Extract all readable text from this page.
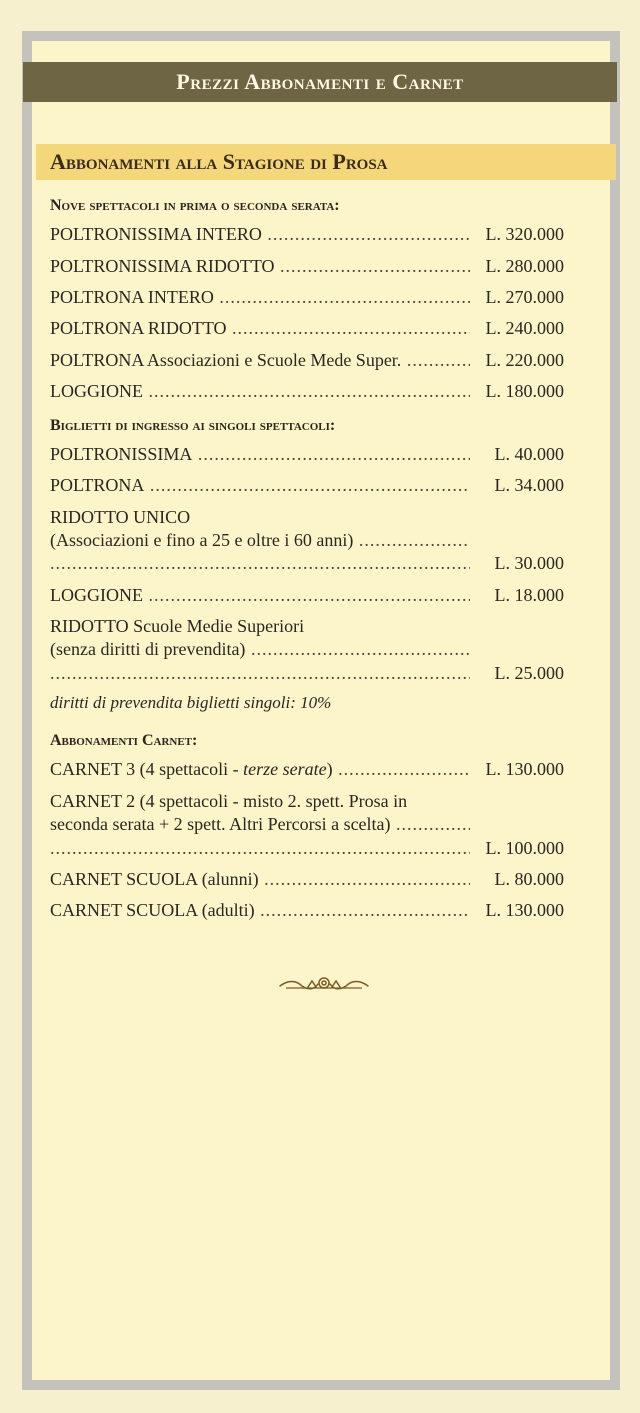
Prezzi Abbonamenti e Carnet
Abbonamenti alla Stagione di Prosa
Nove spettacoli in prima o seconda serata:
POLTRONISSIMA INTERO .....	L. 320.000
POLTRONISSIMA RIDOTTO .....	L. 280.000
POLTRONA INTERO .....	L. 270.000
POLTRONA RIDOTTO .....	L. 240.000
POLTRONA Associazioni e Scuole Mede Super. .....	L. 220.000
LOGGIONE .....	L. 180.000
Biglietti di ingresso ai singoli spettacoli:
POLTRONISSIMA .....	L. 40.000
POLTRONA .....	L. 34.000
RIDOTTO UNICO
(Associazioni e fino a 25 e oltre i 60 anni) .....
.....
L. 30.000
LOGGIONE .....	L. 18.000
RIDOTTO Scuole Medie Superiori
(senza diritti di prevendita) .....
.....
L. 25.000
diritti di prevendita biglietti singoli: 10%
Abbonamenti Carnet:
CARNET 3 (4 spettacoli - terze serate) .....	L. 130.000
CARNET 2 (4 spettacoli - misto 2. spett. Prosa in
seconda serata + 2 spett. Altri Percorsi a scelta) .....
.....
L. 100.000
CARNET SCUOLA (alunni) .....	L. 80.000
CARNET SCUOLA (adulti) .....	L. 130.000
